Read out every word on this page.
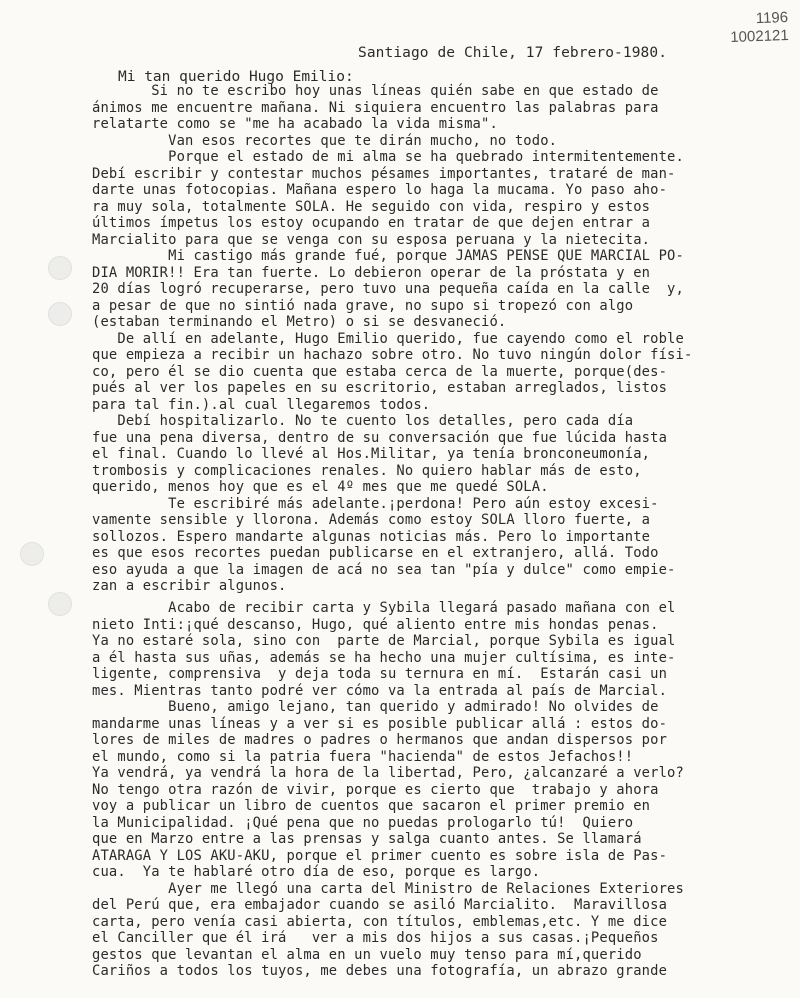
1196
1002121
Santiago de Chile, 17 febrero-1980.
Mi tan querido Hugo Emilio:
Si no te escribo hoy unas líneas quién sabe en que estado de
ánimos me encuentre mañana. Ni siquiera encuentro las palabras para
relatarte como se "me ha acabado la vida misma".
Van esos recortes que te dirán mucho, no todo.
Porque el estado de mi alma se ha quebrado intermitentemente.
Debí escribir y contestar muchos pésames importantes, trataré de man-
darte unas fotocopias. Mañana espero lo haga la mucama. Yo paso aho-
ra muy sola, totalmente SOLA. He seguido con vida, respiro y estos
últimos ímpetus los estoy ocupando en tratar de que dejen entrar a
Marcialito para que se venga con su esposa peruana y la nietecita.
Mi castigo más grande fué, porque JAMAS PENSE QUE MARCIAL PO-
DIA MORIR!! Era tan fuerte. Lo debieron operar de la próstata y en
20 días logró recuperarse, pero tuvo una pequeña caída en la calle  y,
a pesar de que no sintió nada grave, no supo si tropezó con algo
(estaban terminando el Metro) o si se desvaneció.
De allí en adelante, Hugo Emilio querido, fue cayendo como el roble
que empieza a recibir un hachazo sobre otro. No tuvo ningún dolor físi-
co, pero él se dio cuenta que estaba cerca de la muerte, porque(des-
pués al ver los papeles en su escritorio, estaban arreglados, listos
para tal fin.).al cual llegaremos todos.
Debí hospitalizarlo. No te cuento los detalles, pero cada día
fue una pena diversa, dentro de su conversación que fue lúcida hasta
el final. Cuando lo llevé al Hos.Militar, ya tenía bronconeumonía,
trombosis y complicaciones renales. No quiero hablar más de esto,
querido, menos hoy que es el 4º mes que me quedé SOLA.
Te escribiré más adelante.¡perdona! Pero aún estoy excesi-
vamente sensible y llorona. Además como estoy SOLA lloro fuerte, a
sollozos. Espero mandarte algunas noticias más. Pero lo importante
es que esos recortes puedan publicarse en el extranjero, allá. Todo
eso ayuda a que la imagen de acá no sea tan "pía y dulce" como empie-
zan a escribir algunos.
Acabo de recibir carta y Sybila llegará pasado mañana con el
nieto Inti:¡qué descanso, Hugo, qué aliento entre mis hondas penas.
Ya no estaré sola, sino con  parte de Marcial, porque Sybila es igual
a él hasta sus uñas, además se ha hecho una mujer cultísima, es inte-
ligente, comprensiva  y deja toda su ternura en mí.  Estarán casi un
mes. Mientras tanto podré ver cómo va la entrada al país de Marcial.
Bueno, amigo lejano, tan querido y admirado! No olvides de
mandarme unas líneas y a ver si es posible publicar allá : estos do-
lores de miles de madres o padres o hermanos que andan dispersos por
el mundo, como si la patria fuera "hacienda" de estos Jefachos!!
Ya vendrá, ya vendrá la hora de la libertad, Pero, ¿alcanzaré a verlo?
No tengo otra razón de vivir, porque es cierto que  trabajo y ahora
voy a publicar un libro de cuentos que sacaron el primer premio en
la Municipalidad. ¡Qué pena que no puedas prologarlo tú!  Quiero
que en Marzo entre a las prensas y salga cuanto antes. Se llamará
ATARAGA Y LOS AKU-AKU, porque el primer cuento es sobre isla de Pas-
cua.  Ya te hablaré otro día de eso, porque es largo.
Ayer me llegó una carta del Ministro de Relaciones Exteriores
del Perú que, era embajador cuando se asiló Marcialito.  Maravillosa
carta, pero venía casi abierta, con títulos, emblemas,etc. Y me dice
el Canciller que él irá   ver a mis dos hijos a sus casas.¡Pequeños
gestos que levantan el alma en un vuelo muy tenso para mí,querido
Cariños a todos los tuyos, me debes una fotografía, un abrazo grande
